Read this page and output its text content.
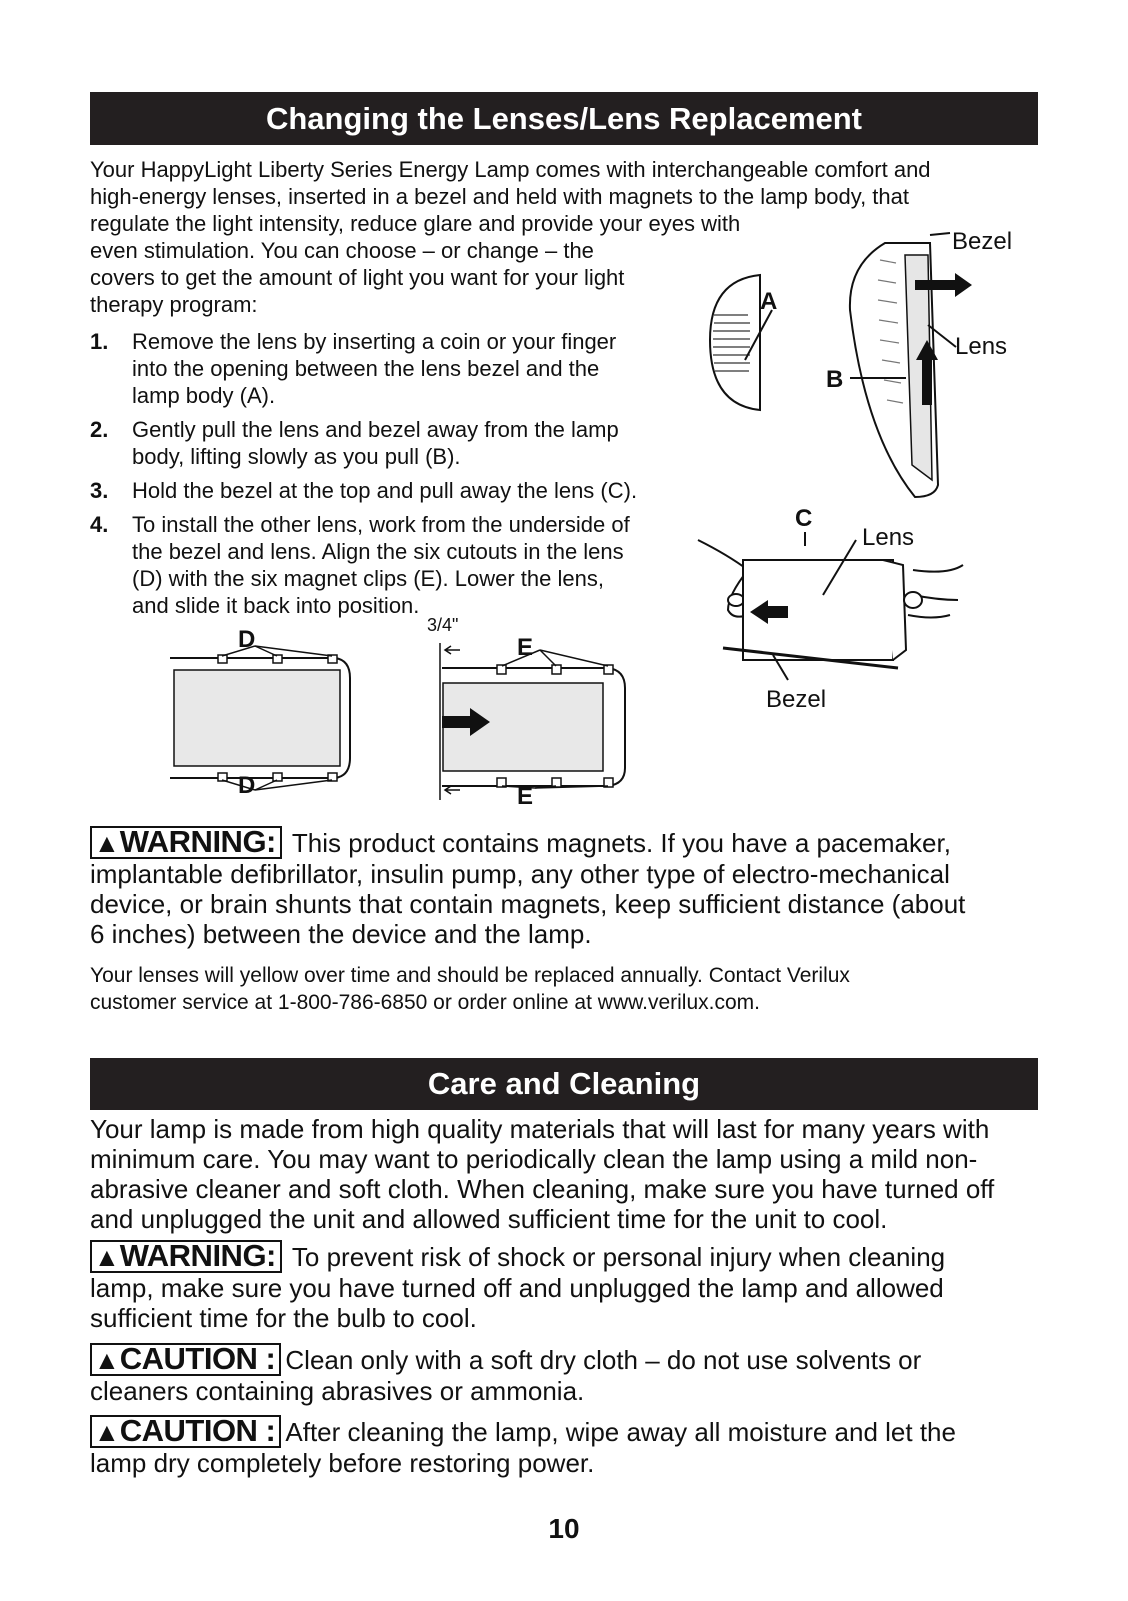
Changing the Lenses/Lens Replacement
Your HappyLight Liberty Series Energy Lamp comes with interchangeable comfort and
high-energy lenses, inserted in a bezel and held with magnets to the lamp body, that
regulate the light intensity, reduce glare and provide your eyes with
even stimulation. You can choose – or change – the
covers to get the amount of light you want for your light
therapy program:
1. Remove the lens by inserting a coin or your finger
into the opening between the lens bezel and the
lamp body (A).
2. Gently pull the lens and bezel away from the lamp
body, lifting slowly as you pull (B).
3. Hold the bezel at the top and pull away the lens (C).
4. To install the other lens, work from the underside of
the bezel and lens. Align the six cutouts in the lens
(D) with the six magnet clips (E). Lower the lens,
and slide it back into position.
Bezel
A
Lens
B
C
Lens
Bezel
D
D
3/4"
E
E
▲WARNING: This product contains magnets. If you have a pacemaker,
implantable defibrillator, insulin pump, any other type of electro-mechanical
device, or brain shunts that contain magnets, keep sufficient distance (about
6 inches) between the device and the lamp.
Your lenses will yellow over time and should be replaced annually. Contact Verilux
customer service at 1-800-786-6850 or order online at www.verilux.com.
Care and Cleaning
Your lamp is made from high quality materials that will last for many years with
minimum care. You may want to periodically clean the lamp using a mild non-
abrasive cleaner and soft cloth. When cleaning, make sure you have turned off
and unplugged the unit and allowed sufficient time for the unit to cool.
▲WARNING: To prevent risk of shock or personal injury when cleaning
lamp, make sure you have turned off and unplugged the lamp and allowed
sufficient time for the bulb to cool.
▲CAUTION : Clean only with a soft dry cloth – do not use solvents or
cleaners containing abrasives or ammonia.
▲CAUTION : After cleaning the lamp, wipe away all moisture and let the
lamp dry completely before restoring power.
10
